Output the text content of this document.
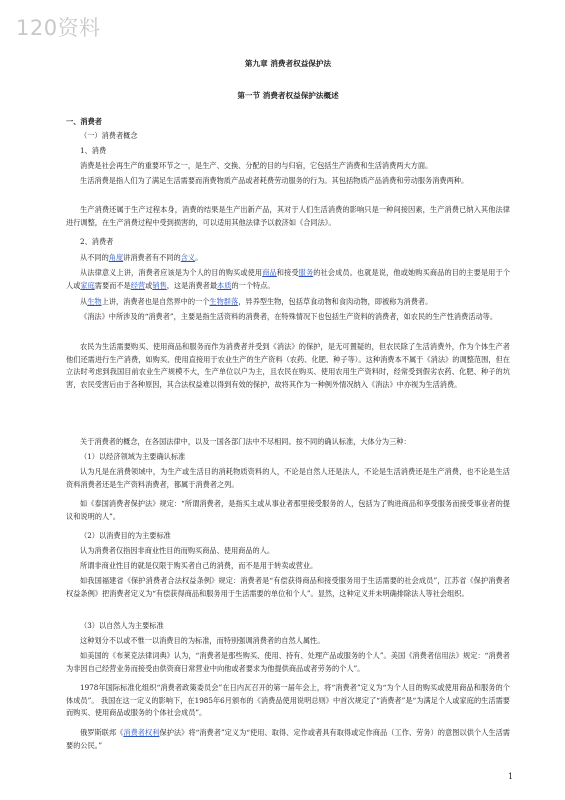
120资料
第九章 消费者权益保护法
第一节 消费者权益保护法概述

一、消费者

（一）消费者概念

1、消费

消费是社会再生产的重要环节之一，是生产、交换、分配的目的与归宿，它包括生产消费和生活消费两大方面。

生活消费是指人们为了满足生活需要而消费物质产品或者耗费劳动服务的行为。其包括物质产品消费和劳动服务消费两种。

生产消费还属于生产过程本身，消费的结果是生产出新产品，其对于人们生活消费的影响只是一种间接因素，生产消费已纳入其他法律进行调整，在生产消费过程中受到损害的，可以适用其他法律予以救济如《合同法》。

2、消费者

从不同的角度讲消费者有不同的含义。

从法律意义上讲，消费者应该是为个人的目的购买或使用商品和接受服务的社会成员。也就是说，他或她购买商品的目的主要是用于个人或家庭需要而不是经营或销售，这是消费者最本质的一个特点。

从生物上讲，消费者也是自然界中的一个生物群落，异养型生物，包括草食动物和食肉动物，即被称为消费者。

《消法》中所涉及的“消费者”，主要是指生活资料的消费者，在特殊情况下也包括生产资料的消费者，如农民的生产性消费活动等。

农民为生活需要购买、使用商品和服务而作为消费者并受到《消法》的保护，是无可置疑的，但农民除了生活消费外，作为个体生产者他们还需进行生产消费，如购买、使用直接用于农业生产的生产资料（农药、化肥、种子等）。这种消费本不属于《消法》的调整范围，但在立法时考虑到我国目前农业生产规模不大，生产单位以户为主，且农民在购买、使用农用生产资料时，经常受到假劣农药、化肥、种子的坑害，农民受害后由于各种原因，其合法权益难以得到有效的保护，故将其作为一种例外情况纳入《消法》中亦视为生活消费。

关于消费者的概念，在各国法律中，以及一国各部门法中不尽相同。按不同的确认标准，大体分为三种：

（1）以经济领域为主要确认标准

认为凡是在消费领域中，为生产或生活目的消耗物质资料的人，不论是自然人还是法人，不论是生活消费还是生产消费，也不论是生活资料消费者还是生产资料消费者，都属于消费者之列。

如《泰国消费者保护法》规定：“所谓消费者，是指买主或从事业者那里接受服务的人，包括为了购进商品和享受服务而接受事业者的提议和说明的人”。

（2）以消费目的为主要标准

认为消费者仅指因非商业性目的而购买商品、使用商品的人。

所谓非商业性目的就是仅限于购买者自己的消费，而不是用于转卖或营业。

如我国福建省《保护消费者合法权益条例》规定：消费者是“有偿获得商品和接受服务用于生活需要的社会成员”，江苏省《保护消费者权益条例》把消费者定义为“有偿获得商品和服务用于生活需要的单位和个人”。显然，这种定义并未明确排除法人等社会组织。

（3）以自然人为主要标准

这种划分不以或不惟一以消费目的为标准，而特别强调消费者的自然人属性。

如美国的《布莱克法律词典》认为，“消费者是那些购买、使用、持有、处理产品或服务的个人”。美国《消费者信用法》规定：“消费者为非因自己经营业务而接受由供资商日常营业中向他或者要求为他提供商品或者劳务的个人”。

1978年国际标准化组织“消费者政策委员会”在日内瓦召开的第一届年会上，将“消费者”定义为“为个人目的购买或使用商品和服务的个体成员”。 我国在这一定义的影响下，在1985年6月颁布的《消费品使用说明总则》中首次规定了“消费者”是“为满足个人或家庭的生活需要而购买、使用商品或服务的个体社会成员”。

俄罗斯联邦《消费者权利保护法》将“消费者”定义为“使用、取得、定作或者具有取得或定作商品（工作、劳务）的意图以供个人生活需要的公民。”

1
